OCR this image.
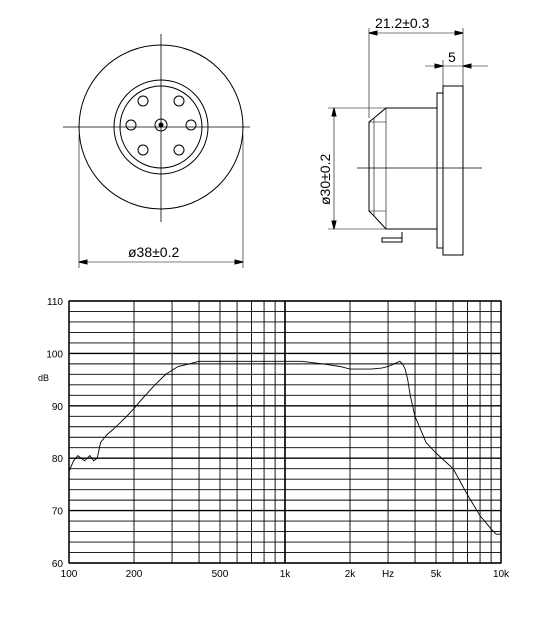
ø38±0.2
21.2±0.3
5
ø30±0.2
60
70
80
90
100
110
100	200	500	1k	2k	5k	10k
dB
Hz
